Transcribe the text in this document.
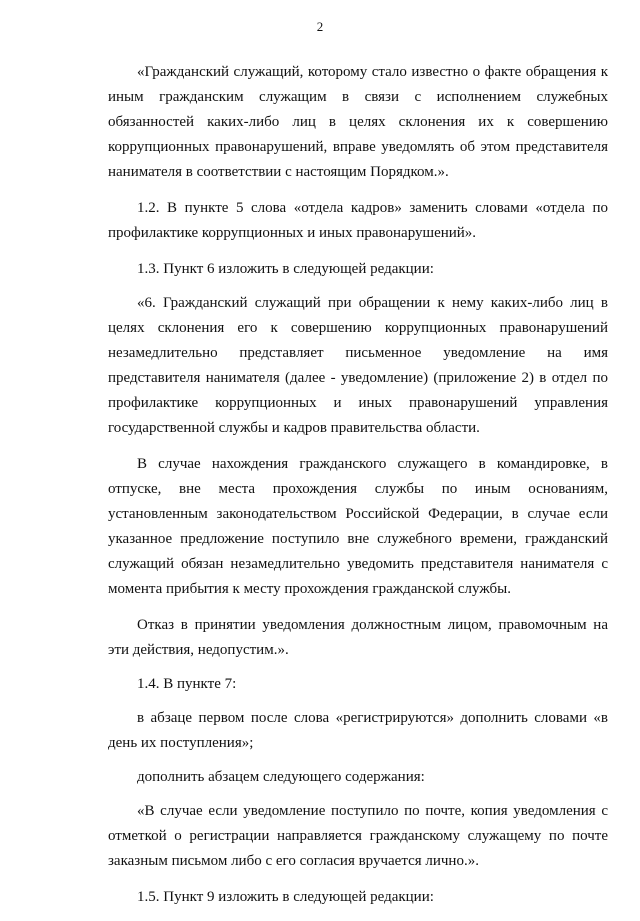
2

«Гражданский служащий, которому стало известно о факте обращения к иным гражданским служащим в связи с исполнением служебных обязанностей каких-либо лиц в целях склонения их к совершению коррупционных правонарушений, вправе уведомлять об этом представителя нанимателя в соответствии с настоящим Порядком.».

1.2. В пункте 5 слова «отдела кадров» заменить словами «отдела по профилактике коррупционных и иных правонарушений».

1.3. Пункт 6 изложить в следующей редакции:

«6. Гражданский служащий при обращении к нему каких-либо лиц в целях склонения его к совершению коррупционных правонарушений незамедлительно представляет письменное уведомление на имя представителя нанимателя (далее - уведомление) (приложение 2) в отдел по профилактике коррупционных и иных правонарушений управления государственной службы и кадров правительства области.

В случае нахождения гражданского служащего в командировке, в отпуске, вне места прохождения службы по иным основаниям, установленным законодательством Российской Федерации, в случае если указанное предложение поступило вне служебного времени, гражданский служащий обязан незамедлительно уведомить представителя нанимателя с момента прибытия к месту прохождения гражданской службы.

Отказ в принятии уведомления должностным лицом, правомочным на эти действия, недопустим.».

1.4. В пункте 7:

в абзаце первом после слова «регистрируются» дополнить словами «в день их поступления»;

дополнить абзацем следующего содержания:

«В случае если уведомление поступило по почте, копия уведомления с отметкой о регистрации направляется гражданскому служащему по почте заказным письмом либо с его согласия вручается лично.».

1.5. Пункт 9 изложить в следующей редакции:
